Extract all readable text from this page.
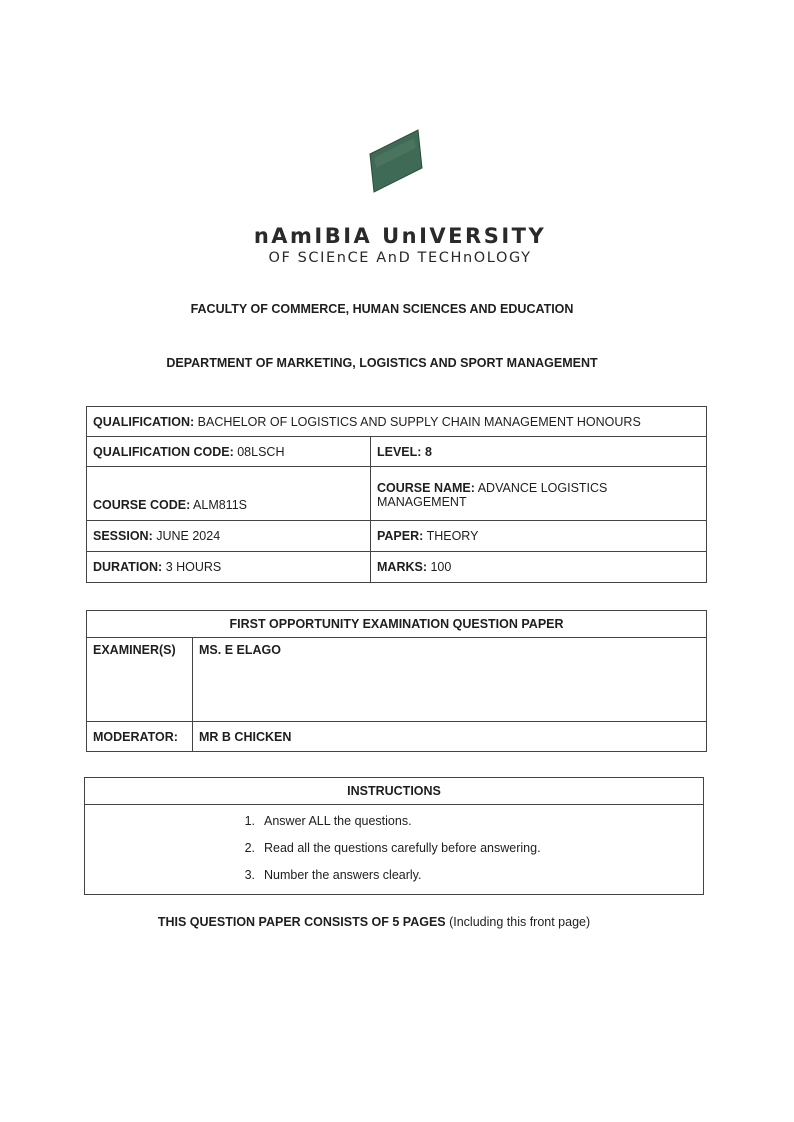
nAmIBIA UnIVERSITY
OF SCIEnCE AnD TECHnOLOGY
FACULTY OF COMMERCE, HUMAN SCIENCES AND EDUCATION
DEPARTMENT OF MARKETING, LOGISTICS AND SPORT MANAGEMENT
QUALIFICATION: BACHELOR OF LOGISTICS AND SUPPLY CHAIN MANAGEMENT HONOURS	
QUALIFICATION CODE: 08LSCH	LEVEL: 8
COURSE CODE: ALM811S	COURSE NAME: ADVANCE LOGISTICS MANAGEMENT
SESSION: JUNE 2024	PAPER: THEORY
DURATION: 3 HOURS	MARKS: 100
FIRST OPPORTUNITY EXAMINATION QUESTION PAPER	
EXAMINER(S)	MS. E ELAGO
MODERATOR:	MR B CHICKEN
INSTRUCTIONS

1. Answer ALL the questions.
2. Read all the questions carefully before answering.
3. Number the answers clearly.
THIS QUESTION PAPER CONSISTS OF 5 PAGES (Including this front page)
